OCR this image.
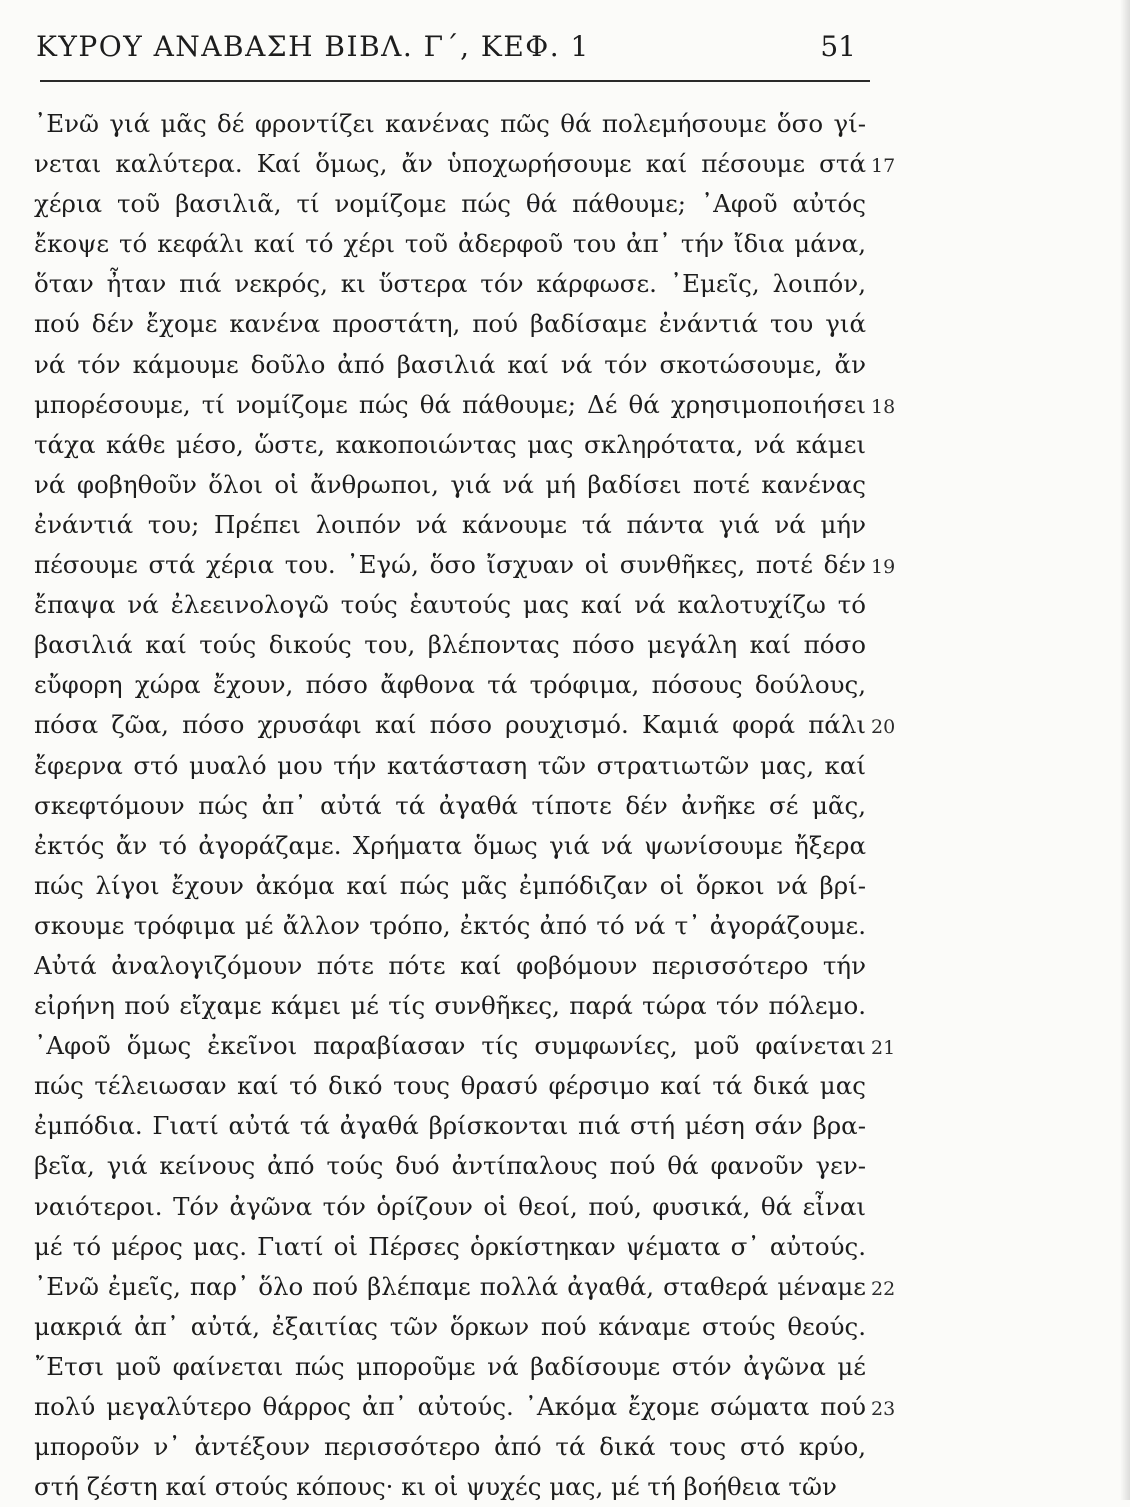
ΚΥΡΟΥ ΑΝΑΒΑΣΗ ΒΙΒΛ. Γ΄, ΚΕΦ. 1	51
᾿Ενῶ γιά μᾶς δέ φροντίζει κανένας πῶς θά πολεμήσουμε ὅσο γί-
νεται καλύτερα. Καί ὅμως, ἄν ὑποχωρήσουμε καί πέσουμε στά 17
χέρια τοῦ βασιλιᾶ, τί νομίζομε πώς θά πάθουμε; ᾿Αφοῦ αὐτός
ἔκοψε τό κεφάλι καί τό χέρι τοῦ ἀδερφοῦ του ἀπ᾿ τήν ἴδια μάνα,
ὅταν ἦταν πιά νεκρός, κι ὕστερα τόν κάρφωσε. ᾿Εμεῖς, λοιπόν,
πού δέν ἔχομε κανένα προστάτη, πού βαδίσαμε ἐνάντιά του γιά
νά τόν κάμουμε δοῦλο ἀπό βασιλιά καί νά τόν σκοτώσουμε, ἄν
μπορέσουμε, τί νομίζομε πώς θά πάθουμε; Δέ θά χρησιμοποιήσει 18
τάχα κάθε μέσο, ὥστε, κακοποιώντας μας σκληρότατα, νά κάμει
νά φοβηθοῦν ὅλοι οἱ ἄνθρωποι, γιά νά μή βαδίσει ποτέ κανένας
ἐνάντιά του; Πρέπει λοιπόν νά κάνουμε τά πάντα γιά νά μήν
πέσουμε στά χέρια του. ᾿Εγώ, ὅσο ἴσχυαν οἱ συνθῆκες, ποτέ δέν 19
ἔπαψα νά ἐλεεινολογῶ τούς ἑαυτούς μας καί νά καλοτυχίζω τό
βασιλιά καί τούς δικούς του, βλέποντας πόσο μεγάλη καί πόσο
εὔφορη χώρα ἔχουν, πόσο ἄφθονα τά τρόφιμα, πόσους δούλους,
πόσα ζῶα, πόσο χρυσάφι καί πόσο ρουχισμό. Καμιά φορά πάλι 20
ἔφερνα στό μυαλό μου τήν κατάσταση τῶν στρατιωτῶν μας, καί
σκεφτόμουν πώς ἀπ᾿ αὐτά τά ἀγαθά τίποτε δέν ἀνῆκε σέ μᾶς,
ἐκτός ἄν τό ἀγοράζαμε. Χρήματα ὅμως γιά νά ψωνίσουμε ἤξερα
πώς λίγοι ἔχουν ἀκόμα καί πώς μᾶς ἐμπόδιζαν οἱ ὅρκοι νά βρί-
σκουμε τρόφιμα μέ ἄλλον τρόπο, ἐκτός ἀπό τό νά τ᾿ ἀγοράζουμε.
Αὐτά ἀναλογιζόμουν πότε πότε καί φοβόμουν περισσότερο τήν
εἰρήνη πού εἴχαμε κάμει μέ τίς συνθῆκες, παρά τώρα τόν πόλεμο.
᾿Αφοῦ ὅμως ἐκεῖνοι παραβίασαν τίς συμφωνίες, μοῦ φαίνεται 21
πώς τέλειωσαν καί τό δικό τους θρασύ φέρσιμο καί τά δικά μας
ἐμπόδια. Γιατί αὐτά τά ἀγαθά βρίσκονται πιά στή μέση σάν βρα-
βεῖα, γιά κείνους ἀπό τούς δυό ἀντίπαλους πού θά φανοῦν γεν-
ναιότεροι. Τόν ἀγῶνα τόν ὁρίζουν οἱ θεοί, πού, φυσικά, θά εἶναι
μέ τό μέρος μας. Γιατί οἱ Πέρσες ὁρκίστηκαν ψέματα σ᾿ αὐτούς.
᾿Ενῶ ἐμεῖς, παρ᾿ ὅλο πού βλέπαμε πολλά ἀγαθά, σταθερά μέναμε 22
μακριά ἀπ᾿ αὐτά, ἐξαιτίας τῶν ὅρκων πού κάναμε στούς θεούς.
῎Ετσι μοῦ φαίνεται πώς μποροῦμε νά βαδίσουμε στόν ἀγῶνα μέ
πολύ μεγαλύτερο θάρρος ἀπ᾿ αὐτούς. ᾿Ακόμα ἔχομε σώματα πού 23
μποροῦν ν᾿ ἀντέξουν περισσότερο ἀπό τά δικά τους στό κρύο,
στή ζέστη καί στούς κόπους· κι οἱ ψυχές μας, μέ τή βοήθεια τῶν
